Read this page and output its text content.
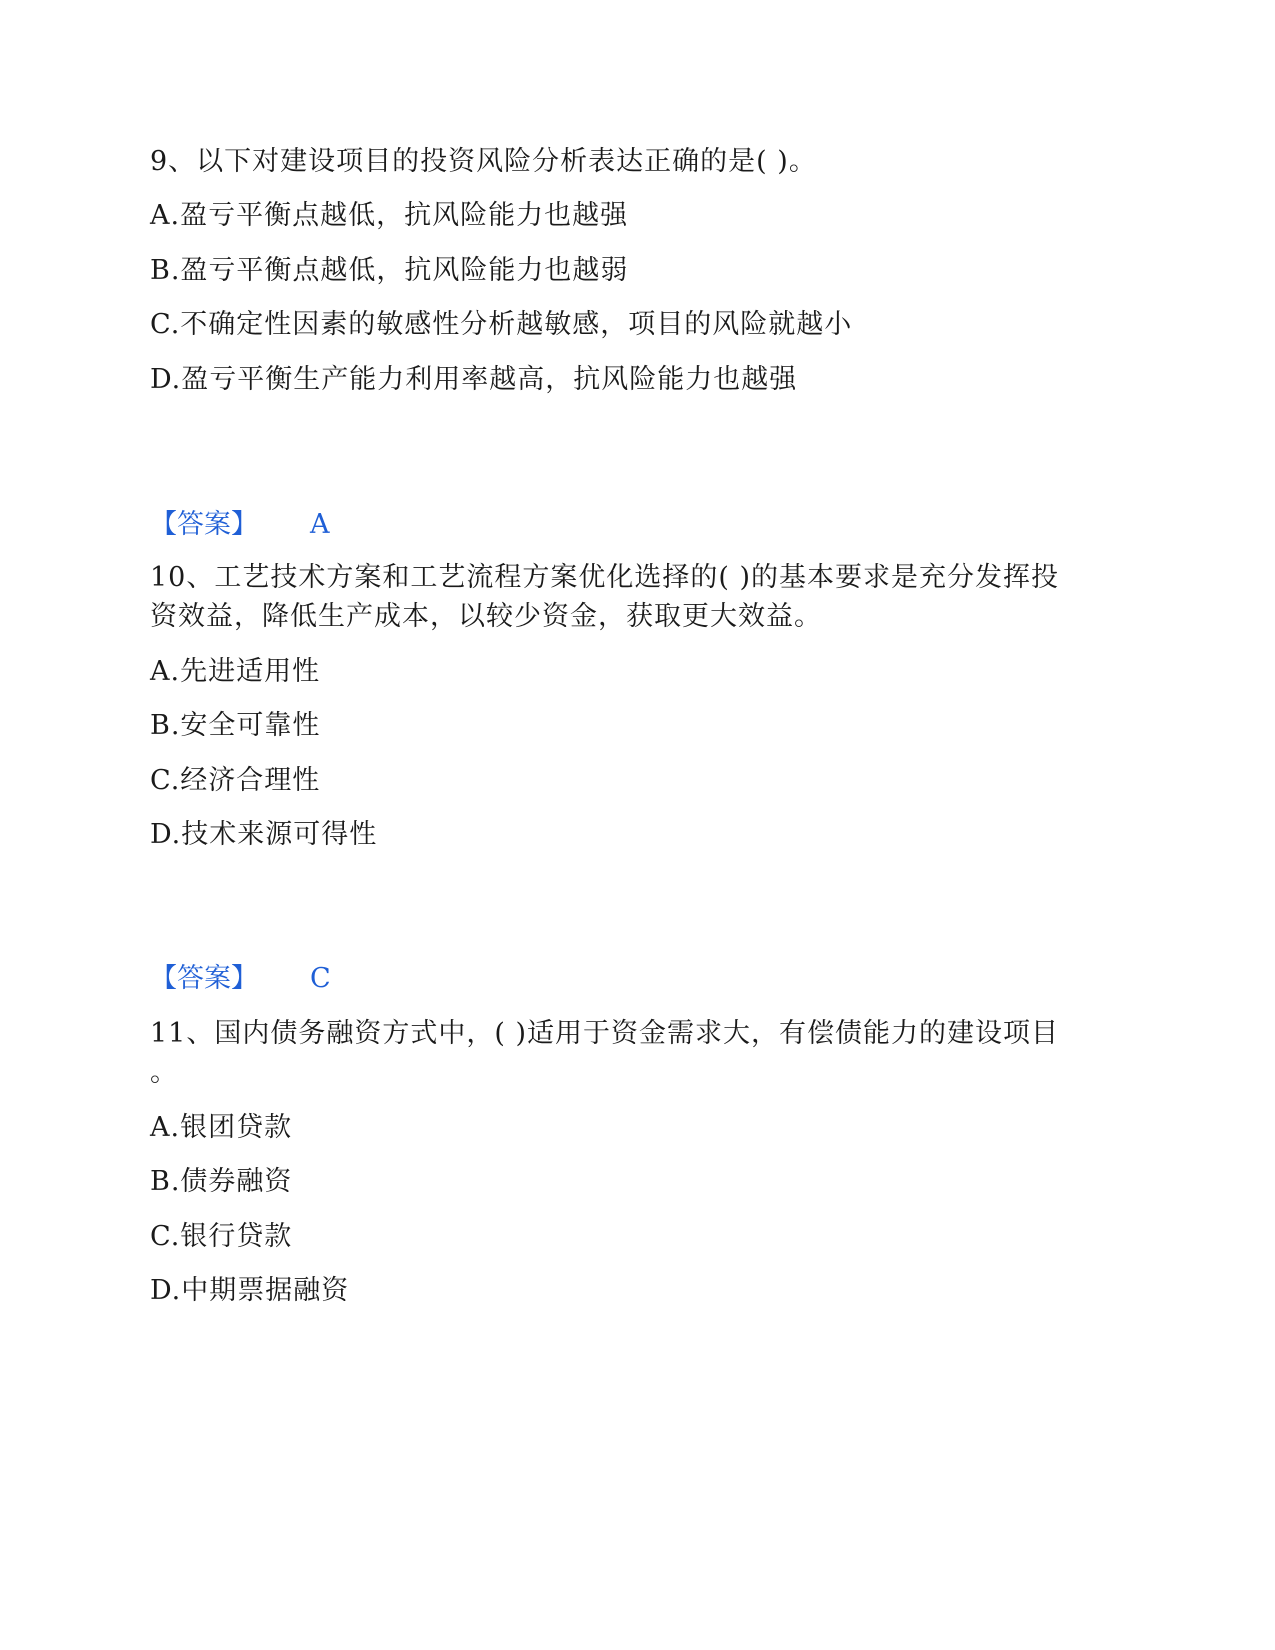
9、以下对建设项目的投资风险分析表达正确的是( )。
A.盈亏平衡点越低，抗风险能力也越强
B.盈亏平衡点越低，抗风险能力也越弱
C.不确定性因素的敏感性分析越敏感，项目的风险就越小
D.盈亏平衡生产能力利用率越高，抗风险能力也越强
【答案】 A
10、工艺技术方案和工艺流程方案优化选择的( )的基本要求是充分发挥投
资效益，降低生产成本，以较少资金，获取更大效益。
A.先进适用性
B.安全可靠性
C.经济合理性
D.技术来源可得性
【答案】 C
11、国内债务融资方式中，( )适用于资金需求大，有偿债能力的建设项目
。
A.银团贷款
B.债券融资
C.银行贷款
D.中期票据融资
